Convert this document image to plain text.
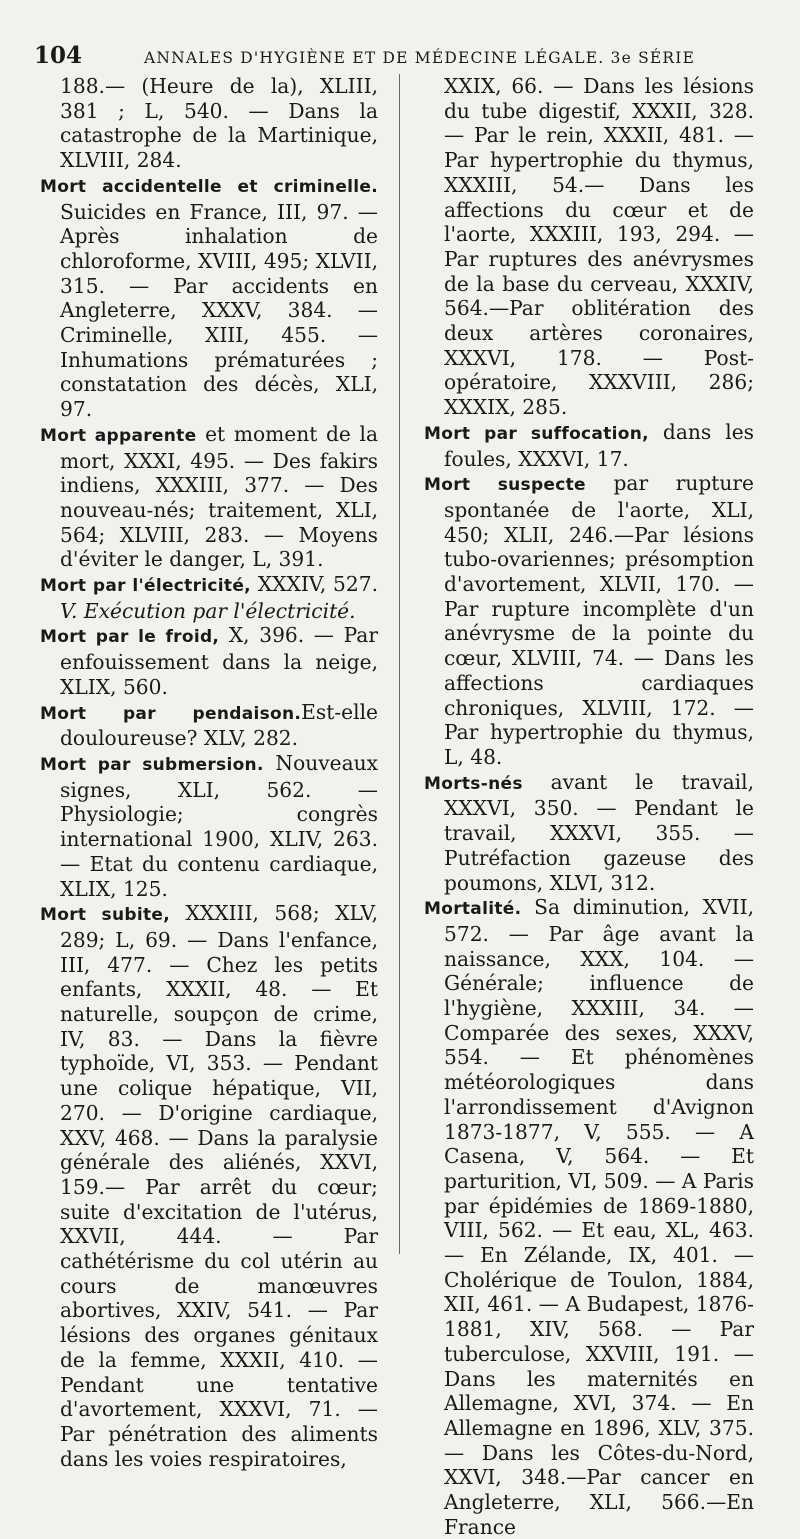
104	ANNALES D'HYGIÈNE ET DE MÉDECINE LÉGALE. 3e SÉRIE

188.— (Heure de la), XLIII, 381 ; L, 540. — Dans la catastrophe de la Martinique, XLVIII, 284.

Mort accidentelle et criminelle. Suicides en France, III, 97. — Après inhalation de chloroforme, XVIII, 495; XLVII, 315. — Par accidents en Angleterre, XXXV, 384. — Criminelle, XIII, 455. — Inhumations prématurées ; constatation des décès, XLI, 97.

Mort apparente et moment de la mort, XXXI, 495. — Des fakirs indiens, XXXIII, 377. — Des nouveau-nés; traitement, XLI, 564; XLVIII, 283. — Moyens d'éviter le danger, L, 391.

Mort par l'électricité, XXXIV, 527. V. Exécution par l'électricité.

Mort par le froid, X, 396. — Par enfouissement dans la neige, XLIX, 560.

Mort par pendaison.Est-elle douloureuse? XLV, 282.

Mort par submersion. Nouveaux signes, XLI, 562. — Physiologie; congrès international 1900, XLIV, 263. — Etat du contenu cardiaque, XLIX, 125.

Mort subite, XXXIII, 568; XLV, 289; L, 69. — Dans l'enfance, III, 477. — Chez les petits enfants, XXXII, 48. — Et naturelle, soupçon de crime, IV, 83. — Dans la fièvre typhoïde, VI, 353. — Pendant une colique hépatique, VII, 270. — D'origine cardiaque, XXV, 468. — Dans la paralysie générale des aliénés, XXVI, 159.— Par arrêt du cœur; suite d'excitation de l'utérus, XXVII, 444. — Par cathétérisme du col utérin au cours de manœuvres abortives, XXIV, 541. — Par lésions des organes génitaux de la femme, XXXII, 410. — Pendant une tentative d'avortement, XXXVI, 71. — Par pénétration des aliments dans les voies respiratoires,

XXIX, 66. — Dans les lésions du tube digestif, XXXII, 328. — Par le rein, XXXII, 481. — Par hypertrophie du thymus, XXXIII, 54.— Dans les affections du cœur et de l'aorte, XXXIII, 193, 294. — Par ruptures des anévrysmes de la base du cerveau, XXXIV, 564.—Par oblitération des deux artères coronaires, XXXVI, 178. — Post-opératoire, XXXVIII, 286; XXXIX, 285.

Mort par suffocation, dans les foules, XXXVI, 17.

Mort suspecte par rupture spontanée de l'aorte, XLI, 450; XLII, 246.—Par lésions tubo-ovariennes; présomption d'avortement, XLVII, 170. — Par rupture incomplète d'un anévrysme de la pointe du cœur, XLVIII, 74. — Dans les affections cardiaques chroniques, XLVIII, 172. — Par hypertrophie du thymus, L, 48.

Morts-nés avant le travail, XXXVI, 350. — Pendant le travail, XXXVI, 355. — Putréfaction gazeuse des poumons, XLVI, 312.

Mortalité. Sa diminution, XVII, 572. — Par âge avant la naissance, XXX, 104. — Générale; influence de l'hygiène, XXXIII, 34. — Comparée des sexes, XXXV, 554. — Et phénomènes météorologiques dans l'arrondissement d'Avignon 1873-1877, V, 555. — A Casena, V, 564. — Et parturition, VI, 509. — A Paris par épidémies de 1869-1880, VIII, 562. — Et eau, XL, 463. — En Zélande, IX, 401. — Cholérique de Toulon, 1884, XII, 461. — A Budapest, 1876-1881, XIV, 568. — Par tuberculose, XXVIII, 191. — Dans les maternités en Allemagne, XVI, 374. — En Allemagne en 1896, XLV, 375. — Dans les Côtes-du-Nord, XXVI, 348.—Par cancer en Angleterre, XLI, 566.—En France
